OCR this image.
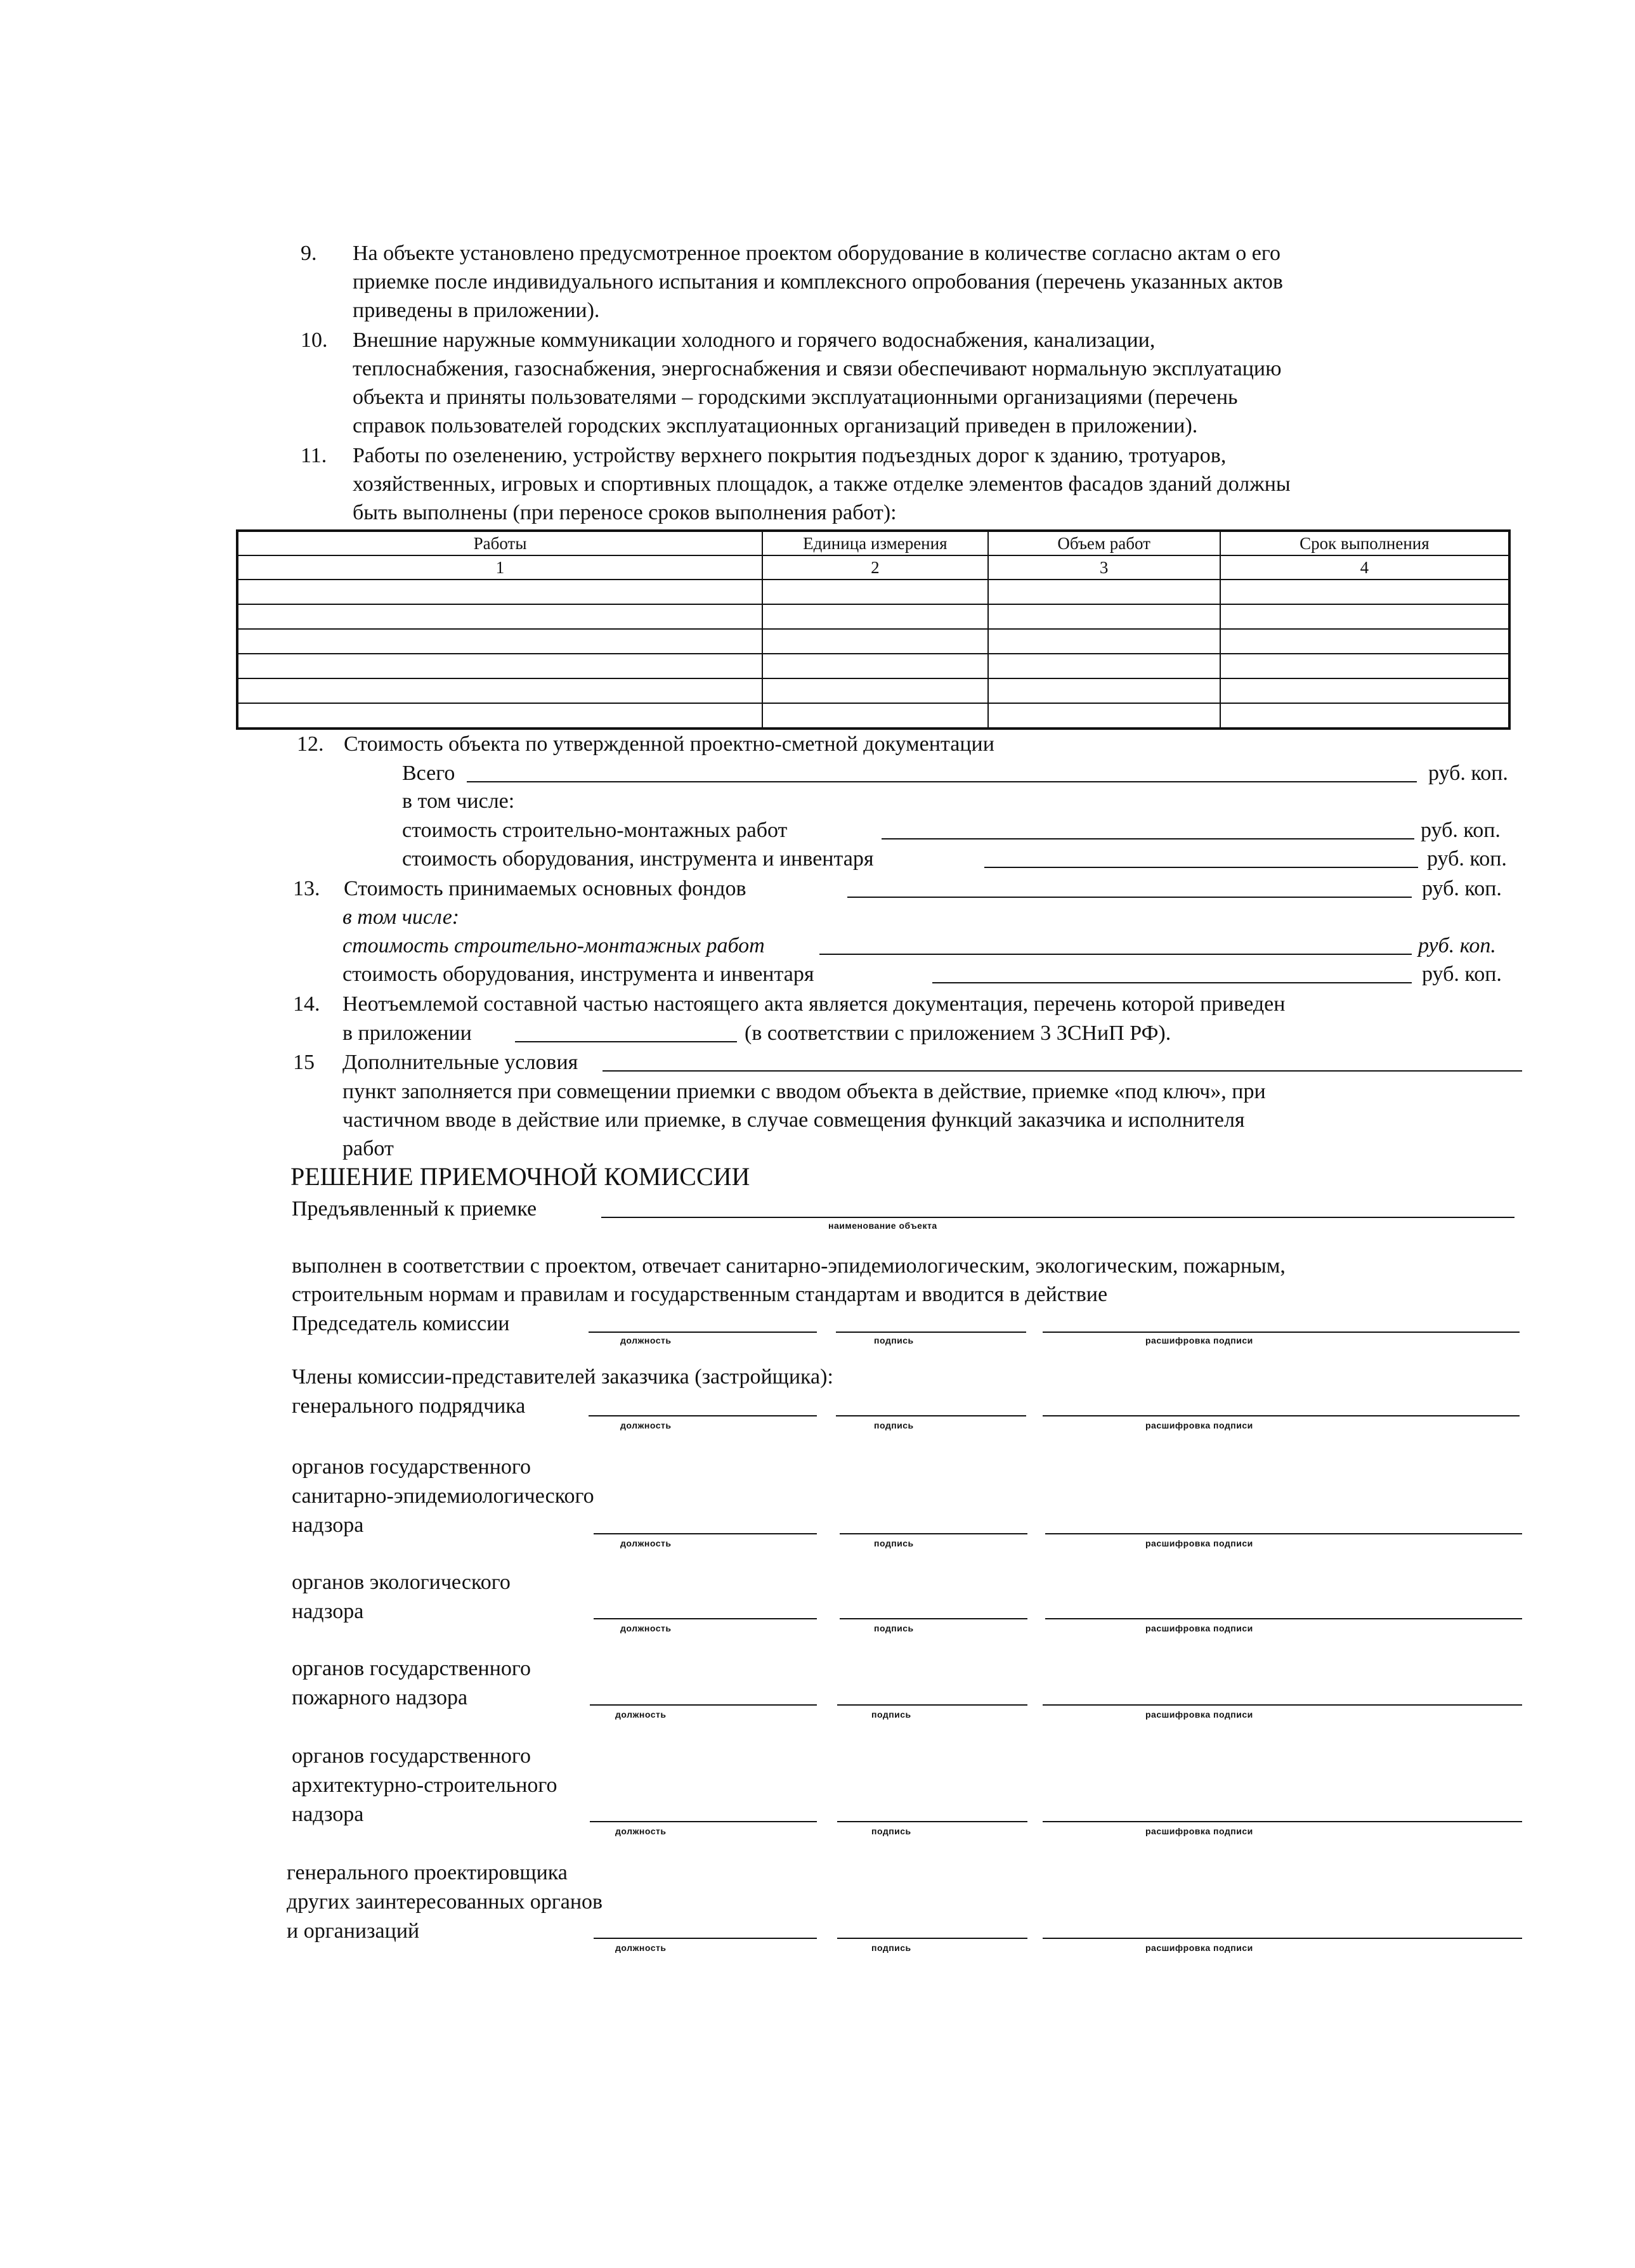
9. На объекте установлено предусмотренное проектом оборудование в количестве согласно актам о его
приемке после индивидуального испытания и комплексного опробования (перечень указанных актов
приведены в приложении).
10. Внешние наружные коммуникации холодного и горячего водоснабжения, канализации,
теплоснабжения, газоснабжения, энергоснабжения и связи обеспечивают нормальную эксплуатацию
объекта и приняты пользователями – городскими эксплуатационными организациями (перечень
справок пользователей городских эксплуатационных организаций приведен в приложении).
11. Работы по озеленению, устройству верхнего покрытия подъездных дорог к зданию, тротуаров,
хозяйственных, игровых и спортивных площадок, а также отделке элементов фасадов зданий должны
быть выполнены (при переносе сроков выполнения работ):
Работы	Единица измерения	Объем работ	Срок выполнения
1	2	3	4

12. Стоимость объекта по утвержденной проектно-сметной документации
Всего	руб. коп.
в том числе:
стоимость строительно-монтажных работ	руб. коп.
стоимость оборудования, инструмента и инвентаря	руб. коп.
13. Стоимость принимаемых основных фондов	руб. коп.
в том числе:
стоимость строительно-монтажных работ	руб. коп.
стоимость оборудования, инструмента и инвентаря	руб. коп.
14. Неотъемлемой составной частью настоящего акта является документация, перечень которой приведен
в приложении	(в соответствии с приложением 3 ЗСНиП РФ).
15 Дополнительные условия
пункт заполняется при совмещении приемки с вводом объекта в действие, приемке «под ключ», при
частичном вводе в действие или приемке, в случае совмещения функций заказчика и исполнителя
работ
РЕШЕНИЕ ПРИЕМОЧНОЙ КОМИССИИ
Предъявленный к приемке
наименование объекта
выполнен в соответствии с проектом, отвечает санитарно-эпидемиологическим, экологическим, пожарным,
строительным нормам и правилам и государственным стандартам и вводится в действие
Председатель комиссии
должность	подпись	расшифровка подписи
Члены комиссии-представителей заказчика (застройщика):
генерального подрядчика
должность	подпись	расшифровка подписи
органов государственного
санитарно-эпидемиологического
надзора
должность	подпись	расшифровка подписи
органов экологического
надзора
должность	подпись	расшифровка подписи
органов государственного
пожарного надзора
должность	подпись	расшифровка подписи
органов государственного
архитектурно-строительного
надзора
должность	подпись	расшифровка подписи
генерального проектировщика
других заинтересованных органов
и организаций
должность	подпись	расшифровка подписи
